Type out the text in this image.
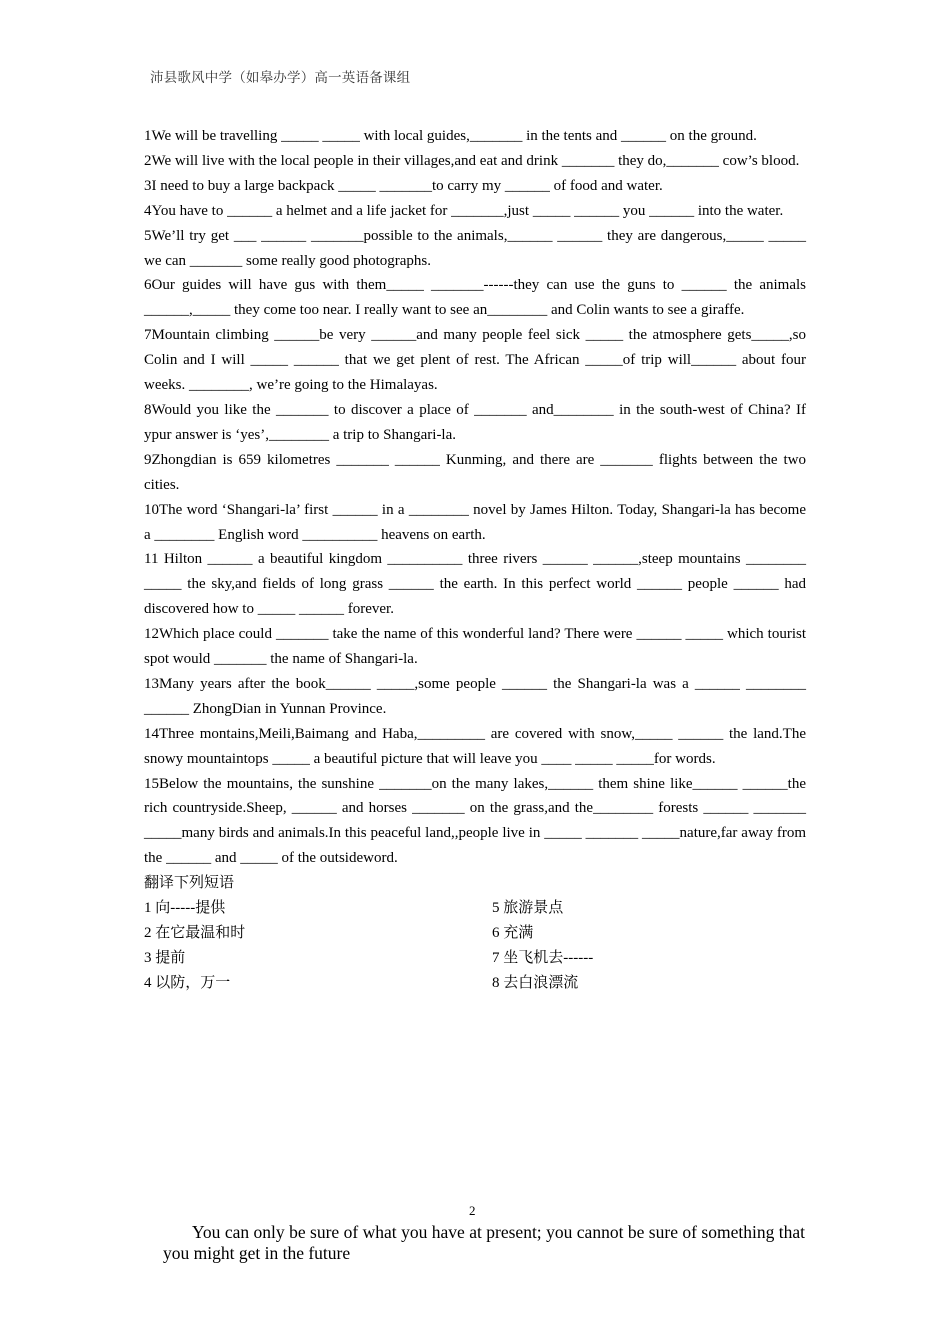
沛县歌风中学（如皋办学）高一英语备课组

1We will be travelling _____ _____ with local guides,_______ in the tents and ______ on the ground.

2We will live with the local people in their villages,and eat and drink _______ they do,_______ cow’s blood.

3I need to buy a large backpack _____ _______to carry my ______ of food and water.

4You have to ______ a helmet and a life jacket for _______,just _____ ______ you ______ into the water.

5We’ll try get ___ ______ _______possible to the animals,______ ______ they are dangerous,_____ _____ we can _______ some really good photographs.

6Our guides will have gus with them_____ _______------they can use the guns to ______ the animals ______,_____ they come too near. I really want to see an________ and Colin wants to see a giraffe.

7Mountain climbing ______be very ______and many people feel sick _____ the atmosphere gets_____,so Colin and I will _____ ______ that we get plent of rest. The African _____of trip will______ about four weeks. ________, we’re going to the Himalayas.

8Would you like the _______ to discover a place of _______ and________ in the south-west of China? If ypur answer is ‘yes’,________ a trip to Shangari-la.

9Zhongdian is 659 kilometres _______ ______ Kunming, and there are _______ flights between the two cities.

10The word ‘Shangari-la’ first ______ in a ________ novel by James Hilton. Today, Shangari-la has become a ________ English word __________ heavens on earth.

11 Hilton ______ a beautiful kingdom __________ three rivers ______ ______,steep mountains ________ _____ the sky,and fields of long grass ______ the earth. In this perfect world ______ people ______ had discovered how to _____ ______ forever.

12Which place could _______ take the name of this wonderful land? There were ______ _____ which tourist spot would _______ the name of Shangari-la.

13Many years after the book______ _____,some people ______ the Shangari-la was a ______ ________ ______ ZhongDian in Yunnan Province.

14Three montains,Meili,Baimang and Haba,_________ are covered with snow,_____ ______ the land.The snowy mountaintops _____ a beautiful picture that will leave you ____ _____ _____for words.

15Below the mountains, the sunshine _______on the many lakes,______ them shine like______ ______the rich countryside.Sheep, ______ and horses _______ on the grass,and the________ forests ______ _______ _____many birds and animals.In this peaceful land,,people live in _____ _______ _____nature,far away from the ______ and _____ of the outsideword.

翻译下列短语

1 向-----提供	5 旅游景点
2 在它最温和时	6 充满
3 提前	7 坐飞机去------
4 以防，万一	8 去白浪漂流
2

You can only be sure of what you have at present; you cannot be sure of something that you might get in the future
